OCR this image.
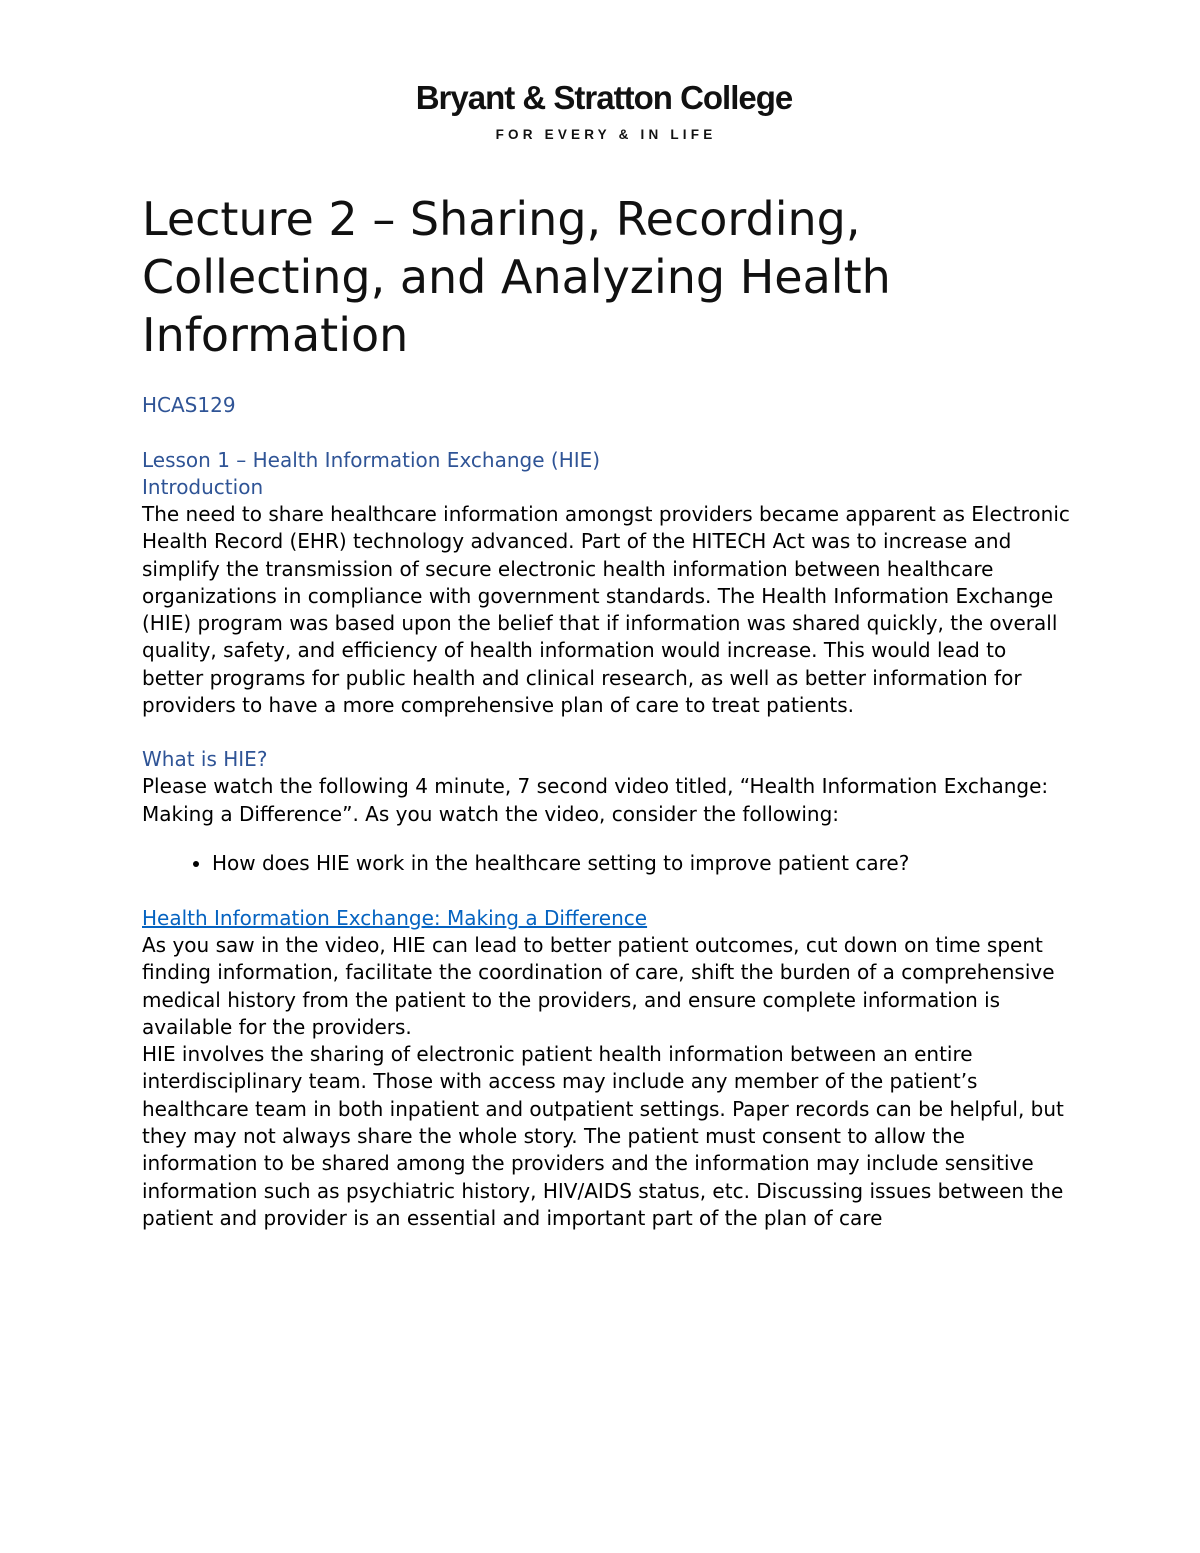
Bryant & Stratton College
FOR EVERY & IN LIFE
Lecture 2 – Sharing, Recording, Collecting, and Analyzing Health Information
HCAS129
Lesson 1 – Health Information Exchange (HIE)
Introduction

The need to share healthcare information amongst providers became apparent as Electronic Health Record (EHR) technology advanced. Part of the HITECH Act was to increase and simplify the transmission of secure electronic health information between healthcare organizations in compliance with government standards. The Health Information Exchange (HIE) program was based upon the belief that if information was shared quickly, the overall quality, safety, and efficiency of health information would increase. This would lead to better programs for public health and clinical research, as well as better information for providers to have a more comprehensive plan of care to treat patients.

What is HIE?

Please watch the following 4 minute, 7 second video titled, “Health Information Exchange: Making a Difference”. As you watch the video, consider the following:

• How does HIE work in the healthcare setting to improve patient care?
Health Information Exchange: Making a Difference

As you saw in the video, HIE can lead to better patient outcomes, cut down on time spent finding information, facilitate the coordination of care, shift the burden of a comprehensive medical history from the patient to the providers, and ensure complete information is available for the providers.

HIE involves the sharing of electronic patient health information between an entire interdisciplinary team. Those with access may include any member of the patient’s healthcare team in both inpatient and outpatient settings. Paper records can be helpful, but they may not always share the whole story. The patient must consent to allow the information to be shared among the providers and the information may include sensitive information such as psychiatric history, HIV/AIDS status, etc. Discussing issues between the patient and provider is an essential and important part of the plan of care
